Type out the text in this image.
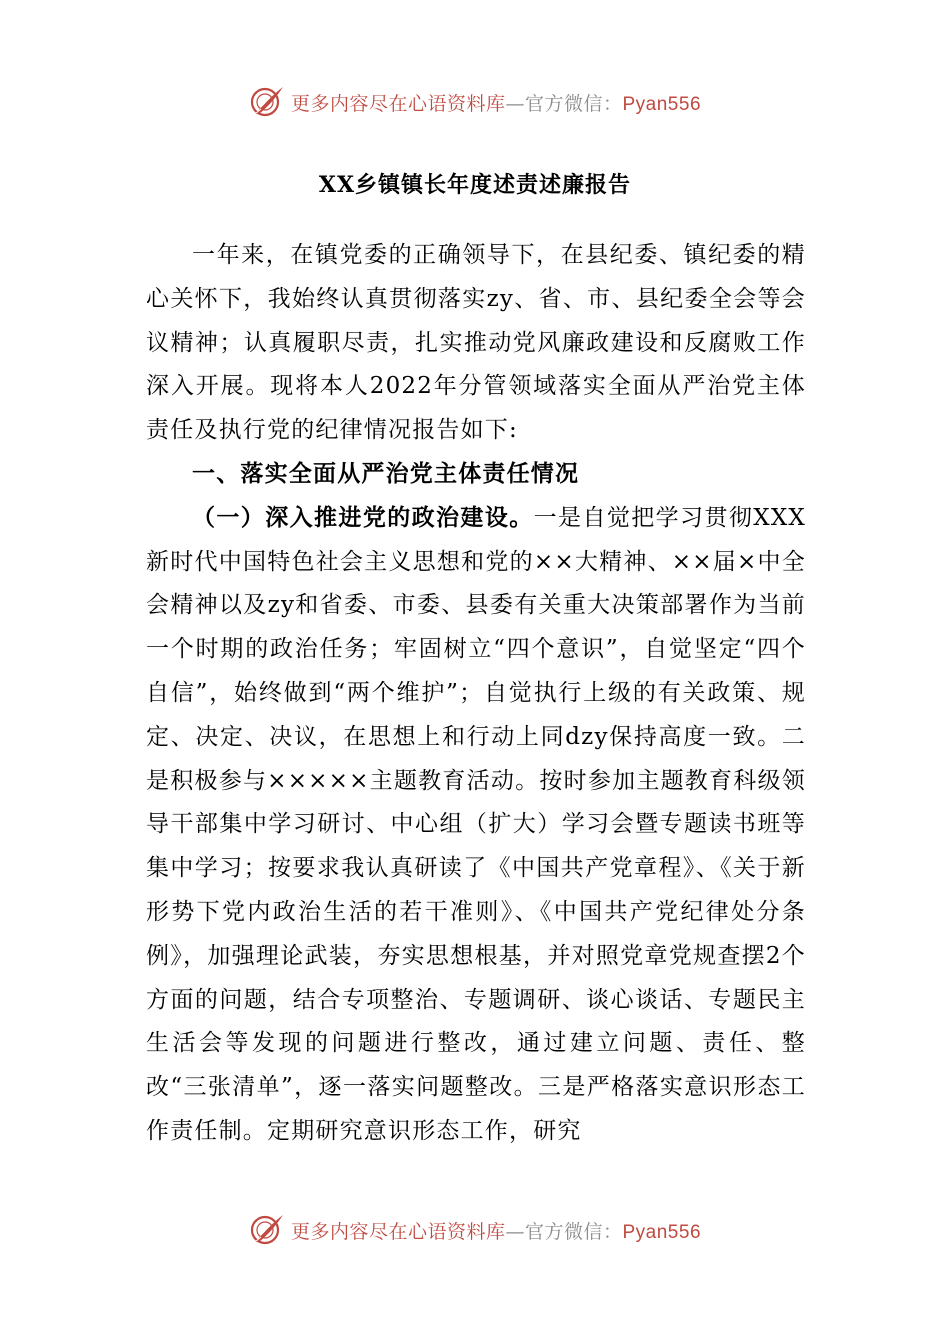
更多内容尽在心语资料库—官方微信：Pyan556
XX乡镇镇长年度述责述廉报告

一年来，在镇党委的正确领导下，在县纪委、镇纪委的精心关怀下，我始终认真贯彻落实zy、省、市、县纪委全会等会议精神；认真履职尽责，扎实推动党风廉政建设和反腐败工作深入开展。现将本人2022年分管领域落实全面从严治党主体责任及执行党的纪律情况报告如下:

一、落实全面从严治党主体责任情况

（一）深入推进党的政治建设。一是自觉把学习贯彻XXX新时代中国特色社会主义思想和党的××大精神、××届×中全会精神以及zy和省委、市委、县委有关重大决策部署作为当前一个时期的政治任务；牢固树立“四个意识”，自觉坚定“四个自信”，始终做到“两个维护”；自觉执行上级的有关政策、规定、决定、决议，在思想上和行动上同dzy保持高度一致。二是积极参与×××××主题教育活动。按时参加主题教育科级领导干部集中学习研讨、中心组（扩大）学习会暨专题读书班等集中学习；按要求我认真研读了《中国共产党章程》、《关于新形势下党内政治生活的若干准则》、《中国共产党纪律处分条例》，加强理论武装，夯实思想根基，并对照党章党规查摆2个方面的问题，结合专项整治、专题调研、谈心谈话、专题民主生活会等发现的问题进行整改，通过建立问题、责任、整改“三张清单”，逐一落实问题整改。三是严格落实意识形态工作责任制。定期研究意识形态工作，研究

更多内容尽在心语资料库—官方微信：Pyan556
